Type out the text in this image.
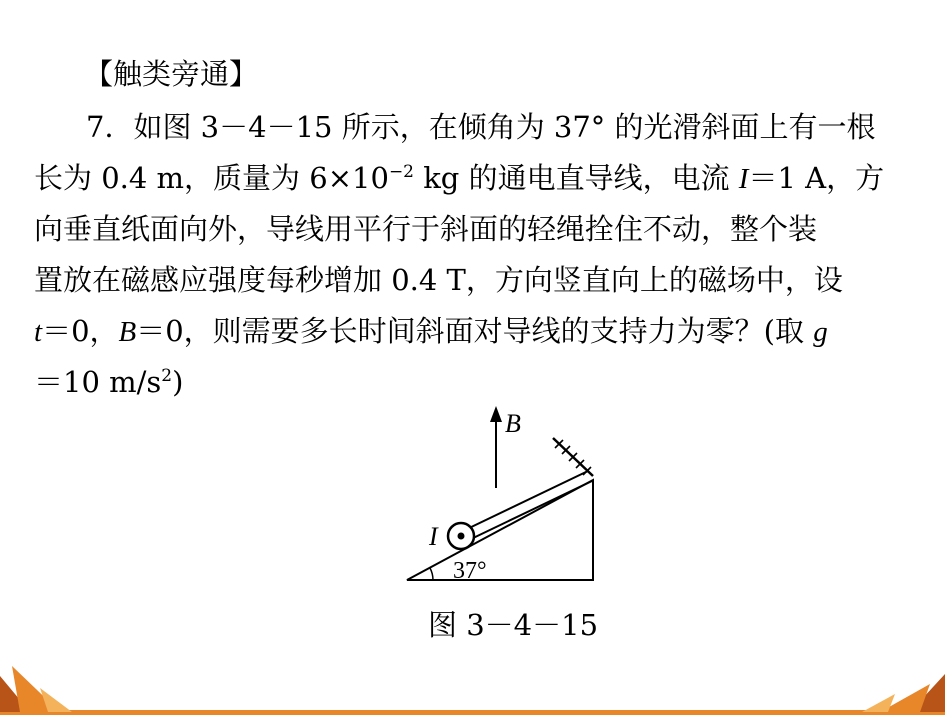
【触类旁通】
7．如图 3－4－15 所示，在倾角为 37° 的光滑斜面上有一根
长为 0.4 m，质量为 $6\times 10^{-2}$ kg 的通电直导线，电流 I＝1 A，方
向垂直纸面向外，导线用平行于斜面的轻绳拴住不动，整个装
置放在磁感应强度每秒增加 0.4 T，方向竖直向上的磁场中，设
t＝0，B＝0，则需要多长时间斜面对导线的支持力为零？(取 g
＝10 $m/s^2$)
B
37°
I
图 3－4－15
